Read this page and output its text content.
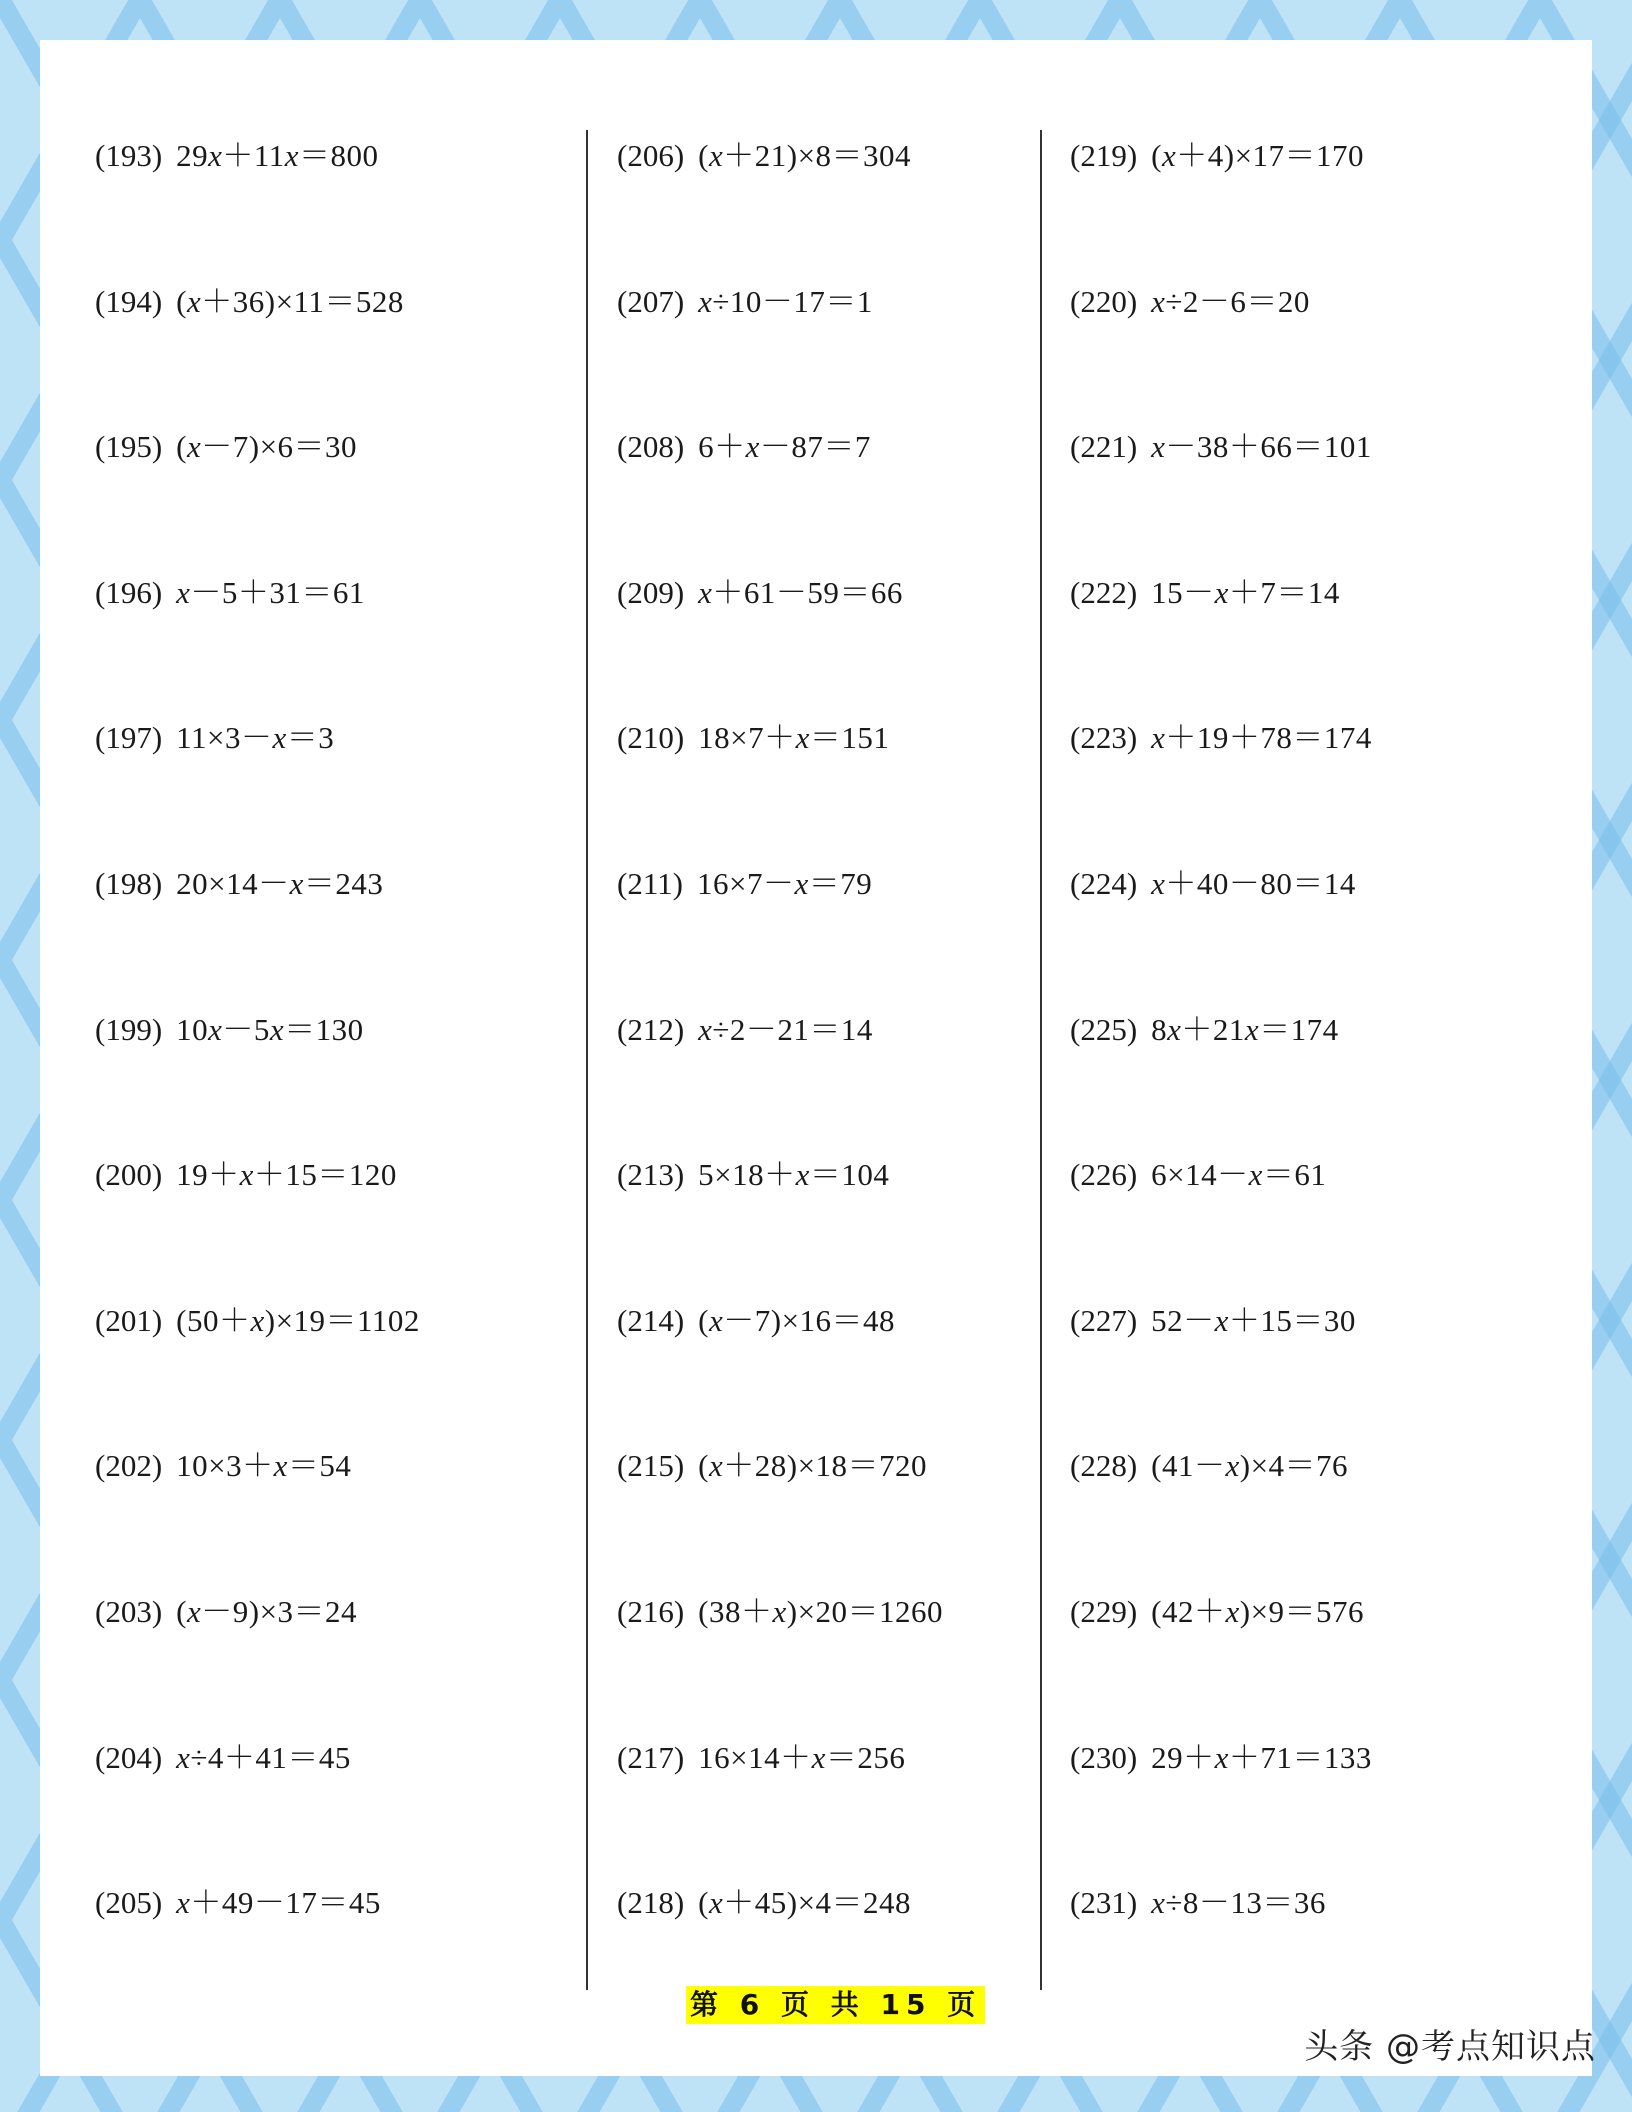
(193) 29x＋11x＝800
(194) (x＋36)×11＝528
(195) (x－7)×6＝30
(196) x－5＋31＝61
(197) 11×3－x＝3
(198) 20×14－x＝243
(199) 10x－5x＝130
(200) 19＋x＋15＝120
(201) (50＋x)×19＝1102
(202) 10×3＋x＝54
(203) (x－9)×3＝24
(204) x÷4＋41＝45
(205) x＋49－17＝45
(206) (x＋21)×8＝304
(207) x÷10－17＝1
(208) 6＋x－87＝7
(209) x＋61－59＝66
(210) 18×7＋x＝151
(211) 16×7－x＝79
(212) x÷2－21＝14
(213) 5×18＋x＝104
(214) (x－7)×16＝48
(215) (x＋28)×18＝720
(216) (38＋x)×20＝1260
(217) 16×14＋x＝256
(218) (x＋45)×4＝248
(219) (x＋4)×17＝170
(220) x÷2－6＝20
(221) x－38＋66＝101
(222) 15－x＋7＝14
(223) x＋19＋78＝174
(224) x＋40－80＝14
(225) 8x＋21x＝174
(226) 6×14－x＝61
(227) 52－x＋15＝30
(228) (41－x)×4＝76
(229) (42＋x)×9＝576
(230) 29＋x＋71＝133
(231) x÷8－13＝36
第 6 页 共 15 页
头条 @考点知识点
